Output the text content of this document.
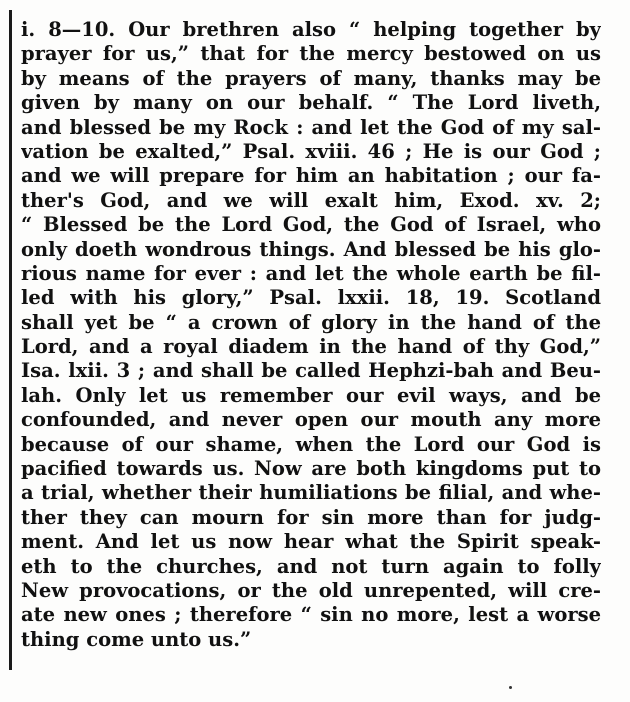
i. 8—10. Our brethren also “ helping together by
prayer for us,” that for the mercy bestowed on us
by means of the prayers of many, thanks may be
given by many on our behalf. “ The Lord liveth,
and blessed be my Rock : and let the God of my sal-
vation be exalted,” Psal. xviii. 46 ; He is our God ;
and we will prepare for him an habitation ; our fa-
ther's God, and we will exalt him, Exod. xv. 2;
“ Blessed be the Lord God, the God of Israel, who
only doeth wondrous things. And blessed be his glo-
rious name for ever : and let the whole earth be fil-
led with his glory,” Psal. lxxii. 18, 19. Scotland
shall yet be “ a crown of glory in the hand of the
Lord, and a royal diadem in the hand of thy God,”
Isa. lxii. 3 ; and shall be called Hephzi-bah and Beu-
lah. Only let us remember our evil ways, and be
confounded, and never open our mouth any more
because of our shame, when the Lord our God is
pacified towards us. Now are both kingdoms put to
a trial, whether their humiliations be filial, and whe-
ther they can mourn for sin more than for judg-
ment. And let us now hear what the Spirit speak-
eth to the churches, and not turn again to folly
New provocations, or the old unrepented, will cre-
ate new ones ; therefore “ sin no more, lest a worse
thing come unto us.”
